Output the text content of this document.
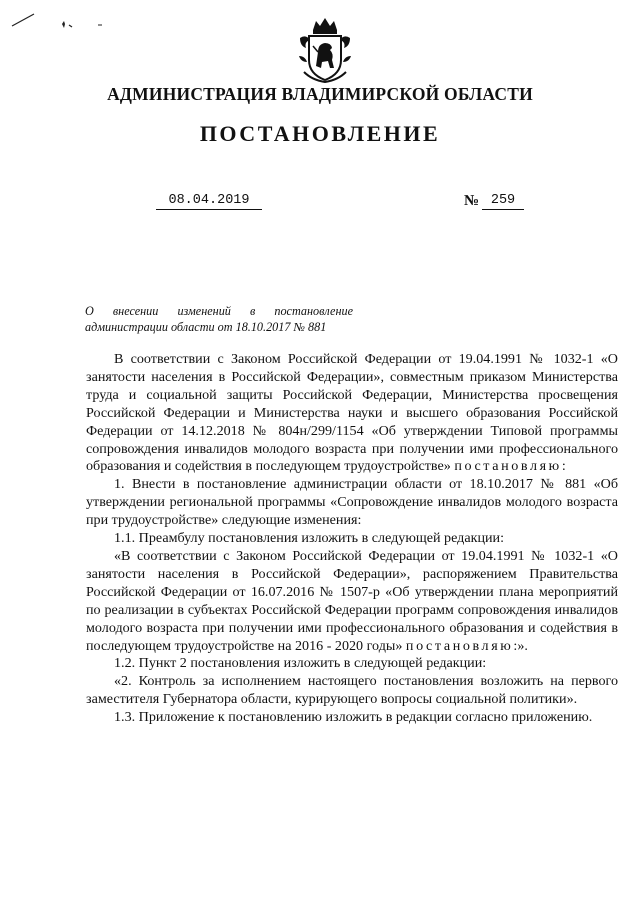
АДМИНИСТРАЦИЯ ВЛАДИМИРСКОЙ ОБЛАСТИ
ПОСТАНОВЛЕНИЕ
08.04.2019	№ 259
О внесении изменений в постановление
администрации области от 18.10.2017 № 881

В соответствии с Законом Российской Федерации от 19.04.1991 № 1032-1 «О занятости населения в Российской Федерации», совместным приказом Министерства труда и социальной защиты Российской Федерации, Министерства просвещения Российской Федерации и Министерства науки и высшего образования Российской Федерации от 14.12.2018 № 804н/299/1154 «Об утверждении Типовой программы сопровождения инвалидов молодого возраста при получении ими профессионального образования и содействия в последующем трудоустройстве» постановляю:

1. Внести в постановление администрации области от 18.10.2017 № 881 «Об утверждении региональной программы «Сопровождение инвалидов молодого возраста при трудоустройстве» следующие изменения:

1.1. Преамбулу постановления изложить в следующей редакции:

«В соответствии с Законом Российской Федерации от 19.04.1991 № 1032-1 «О занятости населения в Российской Федерации», распоряжением Правительства Российской Федерации от 16.07.2016 № 1507-р «Об утверждении плана мероприятий по реализации в субъектах Российской Федерации программ сопровождения инвалидов молодого возраста при получении ими профессионального образования и содействия в последующем трудоустройстве на 2016 - 2020 годы» постановляю:».

1.2. Пункт 2 постановления изложить в следующей редакции:

«2. Контроль за исполнением настоящего постановления возложить на первого заместителя Губернатора области, курирующего вопросы социальной политики».

1.3. Приложение к постановлению изложить в редакции согласно приложению.
